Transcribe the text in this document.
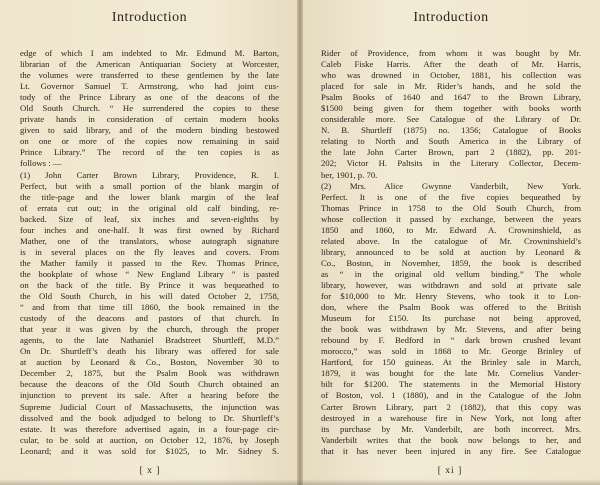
Introduction
edge of which I am indebted to Mr. Edmund M. Barton,
librarian of the American Antiquarian Society at Worcester,
the volumes were transferred to these gentlemen by the late
Lt. Governor Samuel T. Armstrong, who had joint cus-
tody of the Prince Library as one of the deacons of the
Old South Church. “ He surrendered the copies to these
private hands in consideration of certain modern books
given to said library, and of the modern binding bestowed
on one or more of the copies now remaining in said
Prince Library.” The record of the ten copies is as
follows : —
(1) John Carter Brown Library, Providence, R. I.
Perfect, but with a small portion of the blank margin of
the title-page and the lower blank margin of the leaf
of errata cut out; in the original old calf binding, re-
backed. Size of leaf, six inches and seven-eighths by
four inches and one-half. It was first owned by Richard
Mather, one of the translators, whose autograph signature
is in several places on the fly leaves and covers. From
the Mather family it passed to the Rev. Thomas Prince,
the bookplate of whose “ New England Library ” is pasted
on the back of the title. By Prince it was bequeathed to
the Old South Church, in his will dated October 2, 1758,
“ and from that time till 1860, the book remained in the
custody of the deacons and pastors of that church. In
that year it was given by the church, through the proper
agents, to the late Nathaniel Bradstreet Shurtleff, M.D.”
On Dr. Shurtleff’s death his library was offered for sale
at auction by Leonard & Co., Boston, November 30 to
December 2, 1875, but the Psalm Book was withdrawn
because the deacons of the Old South Church obtained an
injunction to prevent its sale. After a hearing before the
Supreme Judicial Court of Massachusetts, the injunction was
dissolved and the book adjudged to belong to Dr. Shurtleff’s
estate. It was therefore advertised again, in a four-page cir-
cular, to be sold at auction, on October 12, 1876, by Joseph
Leonard; and it was sold for $1025, to Mr. Sidney S.
[ x ]
Introduction
Rider of Providence, from whom it was bought by Mr.
Caleb Fiske Harris. After the death of Mr. Harris,
who was drowned in October, 1881, his collection was
placed for sale in Mr. Rider’s hands, and he sold the
Psalm Books of 1640 and 1647 to the Brown Library,
$1500 being given for them together with books worth
considerable more. See Catalogue of the Library of Dr.
N. B. Shurtleff (1875) no. 1356; Catalogue of Books
relating to North and South America in the Library of
the late John Carter Brown, part 2 (1882), pp. 201-
202; Victor H. Paltsits in the Literary Collector, Decem-
ber, 1901, p. 70.
(2) Mrs. Alice Gwynne Vanderbilt, New York.
Perfect. It is one of the five copies bequeathed by
Thomas Prince in 1758 to the Old South Church, from
whose collection it passed by exchange, between the years
1850 and 1860, to Mr. Edward A. Crowninshield, as
related above. In the catalogue of Mr. Crowninshield’s
library, announced to be sold at auction by Leonard &
Co., Boston, in November, 1859, the book is described
as “ in the original old vellum binding.” The whole
library, however, was withdrawn and sold at private sale
for $10,000 to Mr. Henry Stevens, who took it to Lon-
don, where the Psalm Book was offered to the British
Museum for £150. Its purchase not being approved,
the book was withdrawn by Mr. Stevens, and after being
rebound by F. Bedford in “ dark brown crushed levant
morocco,” was sold in 1868 to Mr. George Brinley of
Hartford, for 150 guineas. At the Brinley sale in March,
1879, it was bought for the late Mr. Cornelius Vander-
bilt for $1200. The statements in the Memorial History
of Boston, vol. 1 (1880), and in the Catalogue of the John
Carter Brown Library, part 2 (1882), that this copy was
destroyed in a warehouse fire in New York, not long after
its purchase by Mr. Vanderbilt, are both incorrect. Mrs.
Vanderbilt writes that the book now belongs to her, and
that it has never been injured in any fire. See Catalogue
[ xi ]
